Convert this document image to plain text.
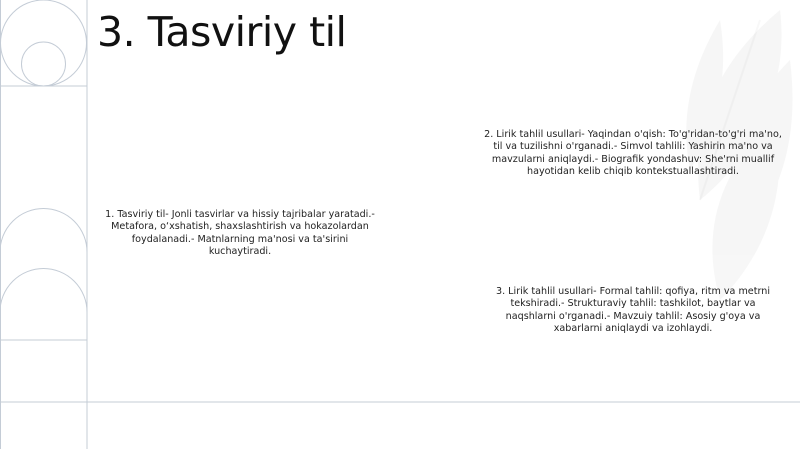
3. Tasviriy til
1. Tasviriy til- Jonli tasvirlar va hissiy tajribalar yaratadi.- Metafora, o‘xshatish, shaxslashtirish va hokazolardan foydalanadi.- Matnlarning ma'nosi va ta'sirini kuchaytiradi.
2. Lirik tahlil usullari- Yaqindan o'qish: To'g'ridan-to'g'ri ma'no, til va tuzilishni o'rganadi.- Simvol tahlili: Yashirin ma'no va mavzularni aniqlaydi.- Biografik yondashuv: She'rni muallif hayotidan kelib chiqib kontekstuallashtiradi.
3. Lirik tahlil usullari- Formal tahlil: qofiya, ritm va metrni tekshiradi.- Strukturaviy tahlil: tashkilot, baytlar va naqshlarni o'rganadi.- Mavzuiy tahlil: Asosiy g'oya va xabarlarni aniqlaydi va izohlaydi.
